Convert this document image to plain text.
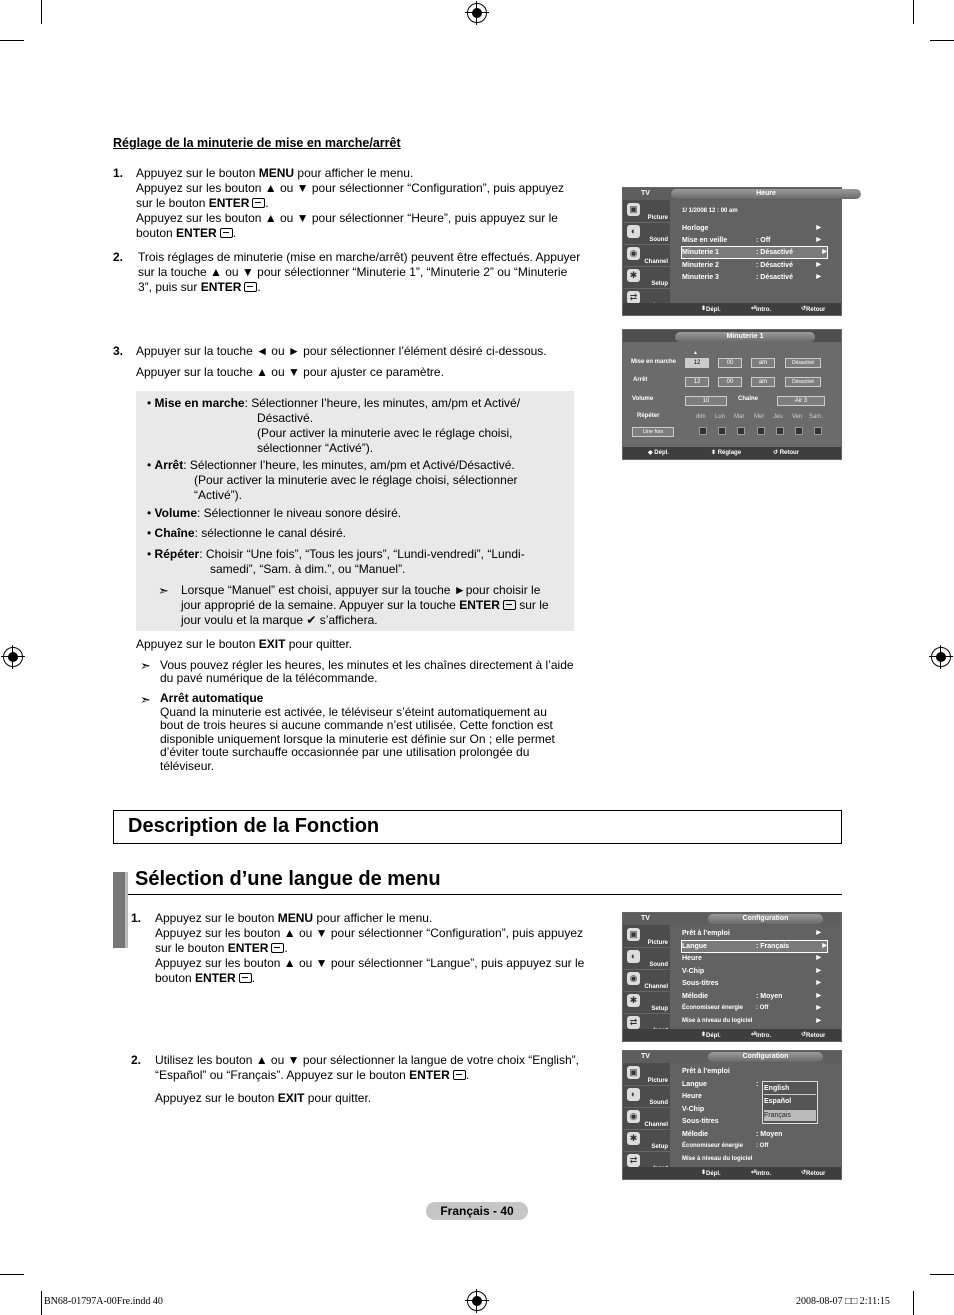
Réglage de la minuterie de mise en marche/arrêt
1. Appuyez sur le bouton MENU pour afficher le menu.
Appuyez sur les bouton ▲ ou ▼ pour sélectionner “Configuration”, puis appuyez
sur le bouton ENTER .
Appuyez sur les bouton ▲ ou ▼ pour sélectionner “Heure”, puis appuyez sur le
bouton ENTER .
2. Trois réglages de minuterie (mise en marche/arrêt) peuvent être effectués. Appuyer
sur la touche ▲ ou ▼ pour sélectionner “Minuterie 1”, “Minuterie 2” ou “Minuterie
3”, puis sur ENTER .
3. Appuyer sur la touche ◄ ou ► pour sélectionner l’élément désiré ci-dessous.
Appuyer sur la touche ▲ ou ▼ pour ajuster ce paramètre.
• Mise en marche: Sélectionner l’heure, les minutes, am/pm et Activé/
Désactivé.
(Pour activer la minuterie avec le réglage choisi,
sélectionner “Activé”).
• Arrêt: Sélectionner l’heure, les minutes, am/pm et Activé/Désactivé.
(Pour activer la minuterie avec le réglage choisi, sélectionner
“Activé”).
• Volume: Sélectionner le niveau sonore désiré.
• Chaîne: sélectionne le canal désiré.
• Répéter: Choisir “Une fois”, “Tous les jours”, “Lundi-vendredi”, “Lundi-
samedi”, “Sam. à dim.”, ou “Manuel”.
➣ Lorsque “Manuel” est choisi, appuyer sur la touche ►pour choisir le
jour approprié de la semaine. Appuyer sur la touche ENTER sur le
jour voulu et la marque ✔ s’affichera.
Appuyez sur le bouton EXIT pour quitter.
➣ Vous pouvez régler les heures, les minutes et les chaînes directement à l’aide
du pavé numérique de la télécommande.
➣ Arrêt automatique
Quand la minuterie est activée, le téléviseur s’éteint automatiquement au
bout de trois heures si aucune commande n’est utilisée. Cette fonction est
disponible uniquement lorsque la minuterie est définie sur On ; elle permet
d’éviter toute surchauffe occasionnée par une utilisation prolongée du
téléviseur.
TV	Heure
▣
Picture
◐
Sound
◉
Channel
✱
Setup
⇄
1/ 1/2008 12 : 00 am
Horloge	▶
Mise en veille	: Off	▶
Minuterie 1	: Désactivé	▶
Minuterie 2	: Désactivé	▶
Minuterie 3	: Désactivé	▶
⬍ Dépl.	⏎ Intro.	↺ Retour
Minuterie 1
Mise en marche
▲
12	00	am	Désactivé
Arrêt	12	00	am	Désactivé
Volume	10	Chaîne	Air 3
Répéter
Une fois
dim Lun Mar Mer Jeu Ven Sam.
◆ Dépl.	⬍ Réglage	↺ Retour
Description de la Fonction
Sélection d’une langue de menu
1. Appuyez sur le bouton MENU pour afficher le menu.
Appuyez sur les bouton ▲ ou ▼ pour sélectionner “Configuration”, puis appuyez
sur le bouton ENTER .
Appuyez sur les bouton ▲ ou ▼ pour sélectionner “Langue”, puis appuyez sur le
bouton ENTER .
2. Utilisez les bouton ▲ ou ▼ pour sélectionner la langue de votre choix “English”,
“Español” ou “Français”. Appuyez sur le bouton ENTER .
Appuyez sur le bouton EXIT pour quitter.
TV	Configuration
▣
Picture
◐
Sound
◉
Channel
✱
Setup
⇄
Prêt à l’emploi	▶
Langue	: Français	▶
Heure	▶
V-Chip	▶
Sous-titres	▶
Mélodie	: Moyen	▶
Économiseur énergie : Off	▶
Mise à niveau du logiciel	▶
⬍ Dépl.	⏎ Intro.	↺ Retour
TV	Configuration
▣
Picture
◐
Sound
◉
Channel
✱
Setup
⇄
Prêt à l’emploi
Langue	:
Heure
V-Chip
Sous-titres
Mélodie	: Moyen
Économiseur énergie : Off
Mise à niveau du logiciel
English
Español
Français
⬍ Dépl.	⏎ Intro.	↺ Retour
Français - 40
BN68-01797A-00Fre.indd 40	2008-08-07 □□ 2:11:15
